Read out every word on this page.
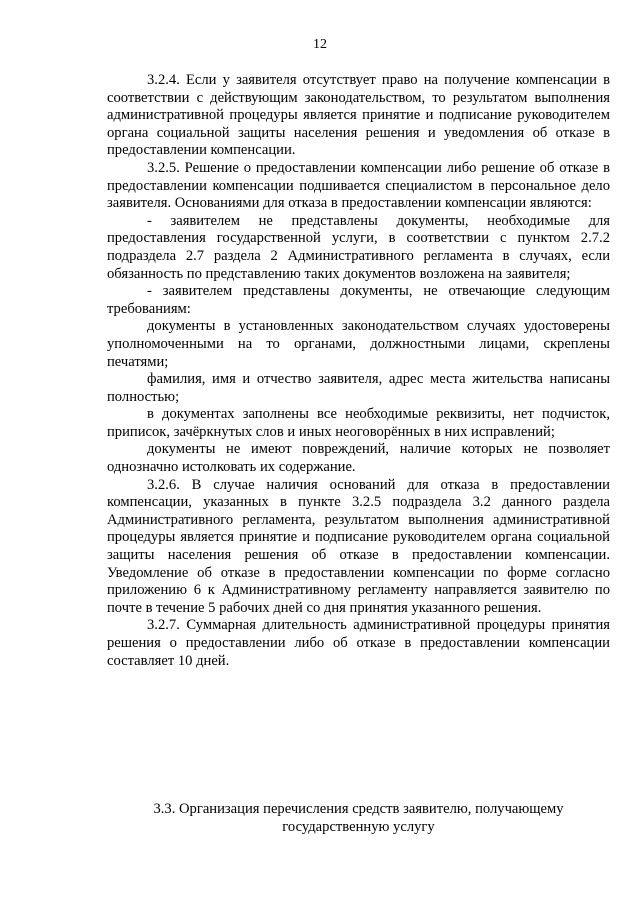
12

3.2.4. Если у заявителя отсутствует право на получение компенсации в соответствии с действующим законодательством, то результатом выполнения административной процедуры является принятие и подписание руководителем органа социальной защиты населения решения и уведомления об отказе в предоставлении компенсации.

3.2.5. Решение о предоставлении компенсации либо решение об отказе в предоставлении компенсации подшивается специалистом в персональное дело заявителя. Основаниями для отказа в предоставлении компенсации являются:

- заявителем не представлены документы, необходимые для предоставления государственной услуги, в соответствии с пунктом 2.7.2 подраздела 2.7 раздела 2 Административного регламента в случаях, если обязанность по представлению таких документов возложена на заявителя;

- заявителем представлены документы, не отвечающие следующим требованиям:

документы в установленных законодательством случаях удостоверены уполномоченными на то органами, должностными лицами, скреплены печатями;

фамилия, имя и отчество заявителя, адрес места жительства написаны полностью;

в документах заполнены все необходимые реквизиты, нет подчисток, приписок, зачёркнутых слов и иных неоговорённых в них исправлений;

документы не имеют повреждений, наличие которых не позволяет однозначно истолковать их содержание.

3.2.6. В случае наличия оснований для отказа в предоставлении компенсации, указанных в пункте 3.2.5 подраздела 3.2 данного раздела Административного регламента, результатом выполнения административной процедуры является принятие и подписание руководителем органа социальной защиты населения решения об отказе в предоставлении компенсации. Уведомление об отказе в предоставлении компенсации по форме согласно приложению 6 к Административному регламенту направляется заявителю по почте в течение 5 рабочих дней со дня принятия указанного решения.

3.2.7. Суммарная длительность административной процедуры принятия решения о предоставлении либо об отказе в предоставлении компенсации составляет 10 дней.

3.3. Организация перечисления средств заявителю, получающему
государственную услугу
